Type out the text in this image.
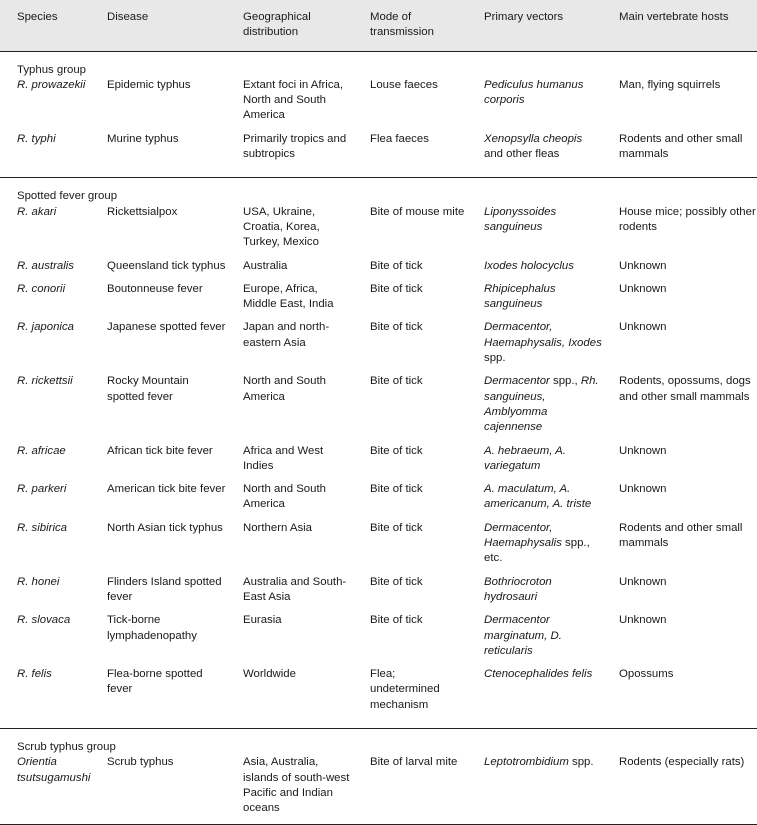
Species	Disease	Geographical distribution	Mode of transmission	Primary vectors	Main vertebrate hosts

Typhus group					
R. prowazekii	Epidemic typhus	Extant foci in Africa, North and South America	Louse faeces	Pediculus humanus corporis	Man, flying squirrels
R. typhi	Murine typhus	Primarily tropics and subtropics	Flea faeces	Xenopsylla cheopis and other fleas	Rodents and other small mammals

Spotted fever group					
R. akari	Rickettsialpox	USA, Ukraine, Croatia, Korea, Turkey, Mexico	Bite of mouse mite	Liponyssoides sanguineus	House mice; possibly other rodents
R. australis	Queensland tick typhus	Australia	Bite of tick	Ixodes holocyclus	Unknown
R. conorii	Boutonneuse fever	Europe, Africa, Middle East, India	Bite of tick	Rhipicephalus sanguineus	Unknown
R. japonica	Japanese spotted fever	Japan and north-eastern Asia	Bite of tick	Dermacentor, Haemaphysalis, Ixodes spp.	Unknown
R. rickettsii	Rocky Mountain spotted fever	North and South America	Bite of tick	Dermacentor spp., Rh. sanguineus, Amblyomma cajennense	Rodents, opossums, dogs and other small mammals
R. africae	African tick bite fever	Africa and West Indies	Bite of tick	A. hebraeum, A. variegatum	Unknown
R. parkeri	American tick bite fever	North and South America	Bite of tick	A. maculatum, A. americanum, A. triste	Unknown
R. sibirica	North Asian tick typhus	Northern Asia	Bite of tick	Dermacentor, Haemaphysalis spp., etc.	Rodents and other small mammals
R. honei	Flinders Island spotted fever	Australia and South-East Asia	Bite of tick	Bothriocroton hydrosauri	Unknown
R. slovaca	Tick-borne lymphadenopathy	Eurasia	Bite of tick	Dermacentor marginatum, D. reticularis	Unknown
R. felis	Flea-borne spotted fever	Worldwide	Flea; undetermined mechanism	Ctenocephalides felis	Opossums

Scrub typhus group					
Orientia tsutsugamushi	Scrub typhus	Asia, Australia, islands of south-west Pacific and Indian oceans	Bite of larval mite	Leptotrombidium spp.	Rodents (especially rats)
